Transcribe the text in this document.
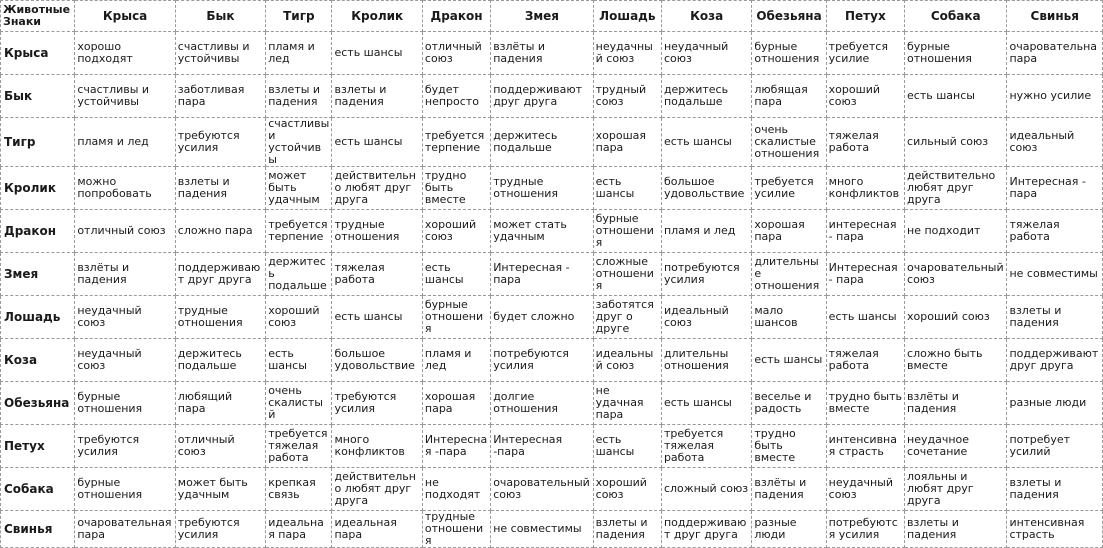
Животные Знаки	Крыса	Бык	Тигр	Кролик	Дракон	Змея	Лошадь	Коза	Обезьяна	Петух	Собака	Свинья
Крыса	хорошо подходят	счастливы и устойчивы	пламя и лед	есть шансы	отличный союз	взлёты и падения	неудачный союз	неудачный союз	бурные отношения	требуется усилие	бурные отношения	очаровательна пара
Бык	счастливы и устойчивы	заботливая пара	взлеты и падения	взлеты и падения	будет непросто	поддерживают друг друга	трудный союз	держитесь подальше	любящая пара	хороший союз	есть шансы	нужно усилие
Тигр	пламя и лед	требуются усилия	счастливы и устойчивы	есть шансы	требуется терпение	держитесь подальше	хорошая пара	есть шансы	очень скалистые отношения	тяжелая работа	сильный союз	идеальный союз
Кролик	можно попробовать	взлеты и падения	может быть удачным	действительно любят друг друга	трудно быть вместе	трудные отношения	есть шансы	большое удовольствие	требуется усилие	много конфликтов	действительно любят друг друга	Интересная - пара
Дракон	отличный союз	сложно пара	требуется терпение	трудные отношения	хороший союз	может стать удачным	бурные отношения	пламя и лед	хорошая пара	интересная - пара	не подходит	тяжелая работа
Змея	взлёты и падения	поддерживают друг друга	держитесь подальше	тяжелая работа	есть шансы	Интересная - пара	сложные отношения	потребуются усилия	длительные отношения	Интересная - пара	очаровательный союз	не совместимы
Лошадь	неудачный союз	трудные отношения	хороший союз	есть шансы	бурные отношения	будет сложно	заботятся друг о друге	идеальный союз	мало шансов	есть шансы	хороший союз	взлеты и падения
Коза	неудачный союз	держитесь подальше	есть шансы	большое удовольствие	пламя и лед	потребуются усилия	идеальный союз	длительны отношения	есть шансы	тяжелая работа	сложно быть вместе	поддерживают друг друга
Обезьяна	бурные отношения	любящий пара	очень скалистый	требуются усилия	хорошая пара	долгие отношения	не удачная пара	есть шансы	веселье и радость	трудно быть вместе	взлёты и падения	разные люди
Петух	требуются усилия	отличный союз	требуется тяжелая работа	много конфликтов	Интересная -пара	Интересная -пара	есть шансы	требуется тяжелая работа	трудно быть вместе	интенсивная страсть	неудачное сочетание	потребует усилий
Собака	бурные отношения	может быть удачным	крепкая связь	действительно любят друг друга	не подходят	очаровательный союз	хороший союз	сложный союз	взлёты и падения	неудачный союз	лояльны и любят друг друга	взлеты и падения
Свинья	очаровательная пара	требуются усилия	идеальная пара	идеальная пара	трудные отношения	не совместимы	взлеты и падения	поддерживают друг друга	разные люди	потребуются усилия	взлеты и падения	интенсивная страсть
